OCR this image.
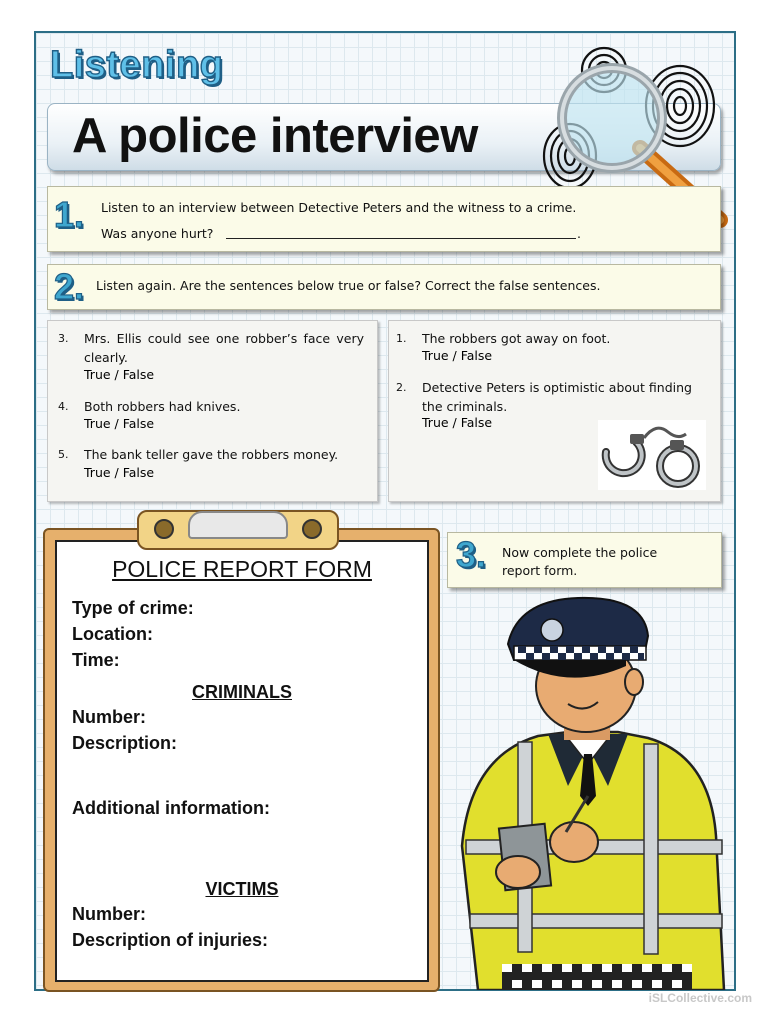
Listening
A police interview
1. Listen to an interview between Detective Peters and the witness to a crime.
Was anyone hurt?	.
2. Listen again. Are the sentences below true or false? Correct the false sentences.
3. Mrs. Ellis could see one robber’s face very clearly.
True / False
4. Both robbers had knives.
True / False
5. The bank teller gave the robbers money.
True / False
1. The robbers got away on foot.
True / False
2. Detective Peters is optimistic about finding the criminals.
True / False
3. Now complete the police report form.
POLICE REPORT FORM
Type of crime:
Location:
Time:
CRIMINALS
Number:
Description:
Additional information:
VICTIMS
Number:
Description of injuries:
iSLCollective.com
